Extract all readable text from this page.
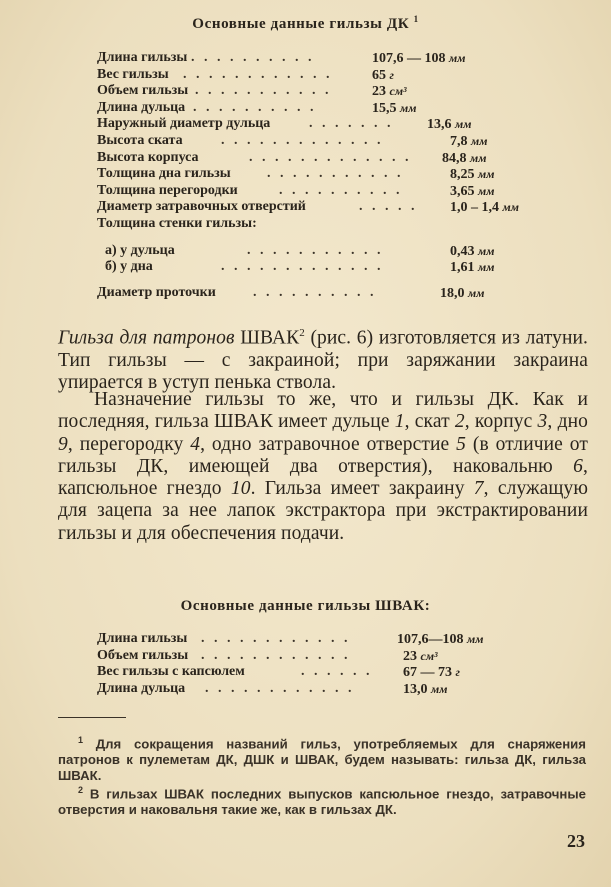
Основные данные гильзы ДК $^1$
Длина гильзы . . . . . . . . . .	107,6 — 108 мм
Вес гильзы . . . . . . . . . . . .	65 г
Объем гильзы . . . . . . . . . . .	23 см³
Длина дульца . . . . . . . . . .	15,5 мм
Наружный диаметр дульца	. . . . . . . 13,6 мм
Высота ската	. . . . . . . . . . . . .	7,8 мм
Высота корпуса	. . . . . . . . . . . . . 84,8 мм
Толщина дна гильзы	. . . . . . . . . . .	8,25 мм
Толщина перегородки	. . . . . . . . . .	3,65 мм
Диаметр затравочных отверстий	. . . . . 1,0 – 1,4 мм
Толщина стенки гильзы:
а) у дульца	. . . . . . . . . . .	0,43 мм
б) у дна	. . . . . . . . . . . . .	1,61 мм
Диаметр проточки	. . . . . . . . . .	18,0 мм
Гильза для патронов ШВАК$^2$ (рис. 6) изготовляется из латуни. Тип гильзы — с закраиной; при заряжании закраина упирается в уступ пенька ствола.
Назначение гильзы то же, что и гильзы ДК. Как и последняя, гильза ШВАК имеет дульце 1, скат 2, корпус 3, дно 9, перегородку 4, одно затравочное отверстие 5 (в отличие от гильзы ДК, имеющей два отверстия), наковальню 6, капсюльное гнездо 10. Гильза имеет закраину 7, служащую для зацепа за нее лапок экстрактора при экстрактировании гильзы и для обеспечения подачи.
Основные данные гильзы ШВАК:
Длина гильзы . . . . . . . . . . . .	107,6—108 мм
Объем гильзы . . . . . . . . . . . .	23 см³
Вес гильзы с капсюлем	. . . . . . 67 — 73 г
Длина дульца . . . . . . . . . . . .	13,0 мм
$^1$ Для сокращения названий гильз, употребляемых для снаряжения патронов к пулеметам ДК, ДШК и ШВАК, будем называть: гильза ДК, гильза ШВАК.
$^2$ В гильзах ШВАК последних выпусков капсюльное гнездо, затравочные отверстия и наковальня такие же, как в гильзах ДК.
23
